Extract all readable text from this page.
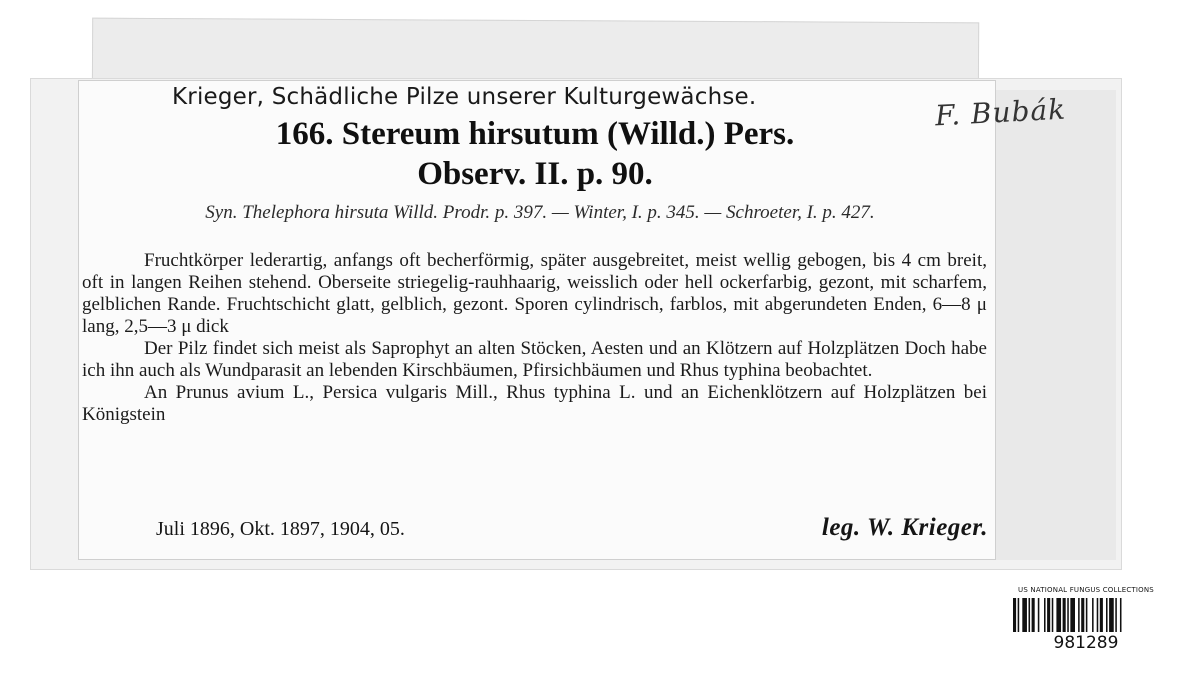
Krieger, Schädliche Pilze unserer Kulturgewächse.	F. Bubák
166. Stereum hirsutum (Willd.) Pers.
Observ. II. p. 90.
Syn. Thelephora hirsuta Willd. Prodr. p. 397. — Winter, I. p. 345. — Schroeter, I. p. 427.

Fruchtkörper lederartig, anfangs oft becherförmig, später ausgebreitet, meist wellig gebogen, bis 4 cm breit, oft in langen Reihen stehend. Oberseite striegelig-rauhhaarig, weisslich oder hell ockerfarbig, gezont, mit scharfem, gelblichen Rande. Fruchtschicht glatt, gelblich, gezont. Sporen cylindrisch, farblos, mit abgerundeten Enden, 6—8 μ lang, 2,5—3 μ dick

Der Pilz findet sich meist als Saprophyt an alten Stöcken, Aesten und an Klötzern auf Holzplätzen Doch habe ich ihn auch als Wundparasit an lebenden Kirschbäumen, Pfirsichbäumen und Rhus typhina beobachtet.

An Prunus avium L., Persica vulgaris Mill., Rhus typhina L. und an Eichenklötzern auf Holzplätzen bei Königstein

Juli 1896, Okt. 1897, 1904, 05.	leg. W. Krieger.
US NATIONAL FUNGUS COLLECTIONS
981289
